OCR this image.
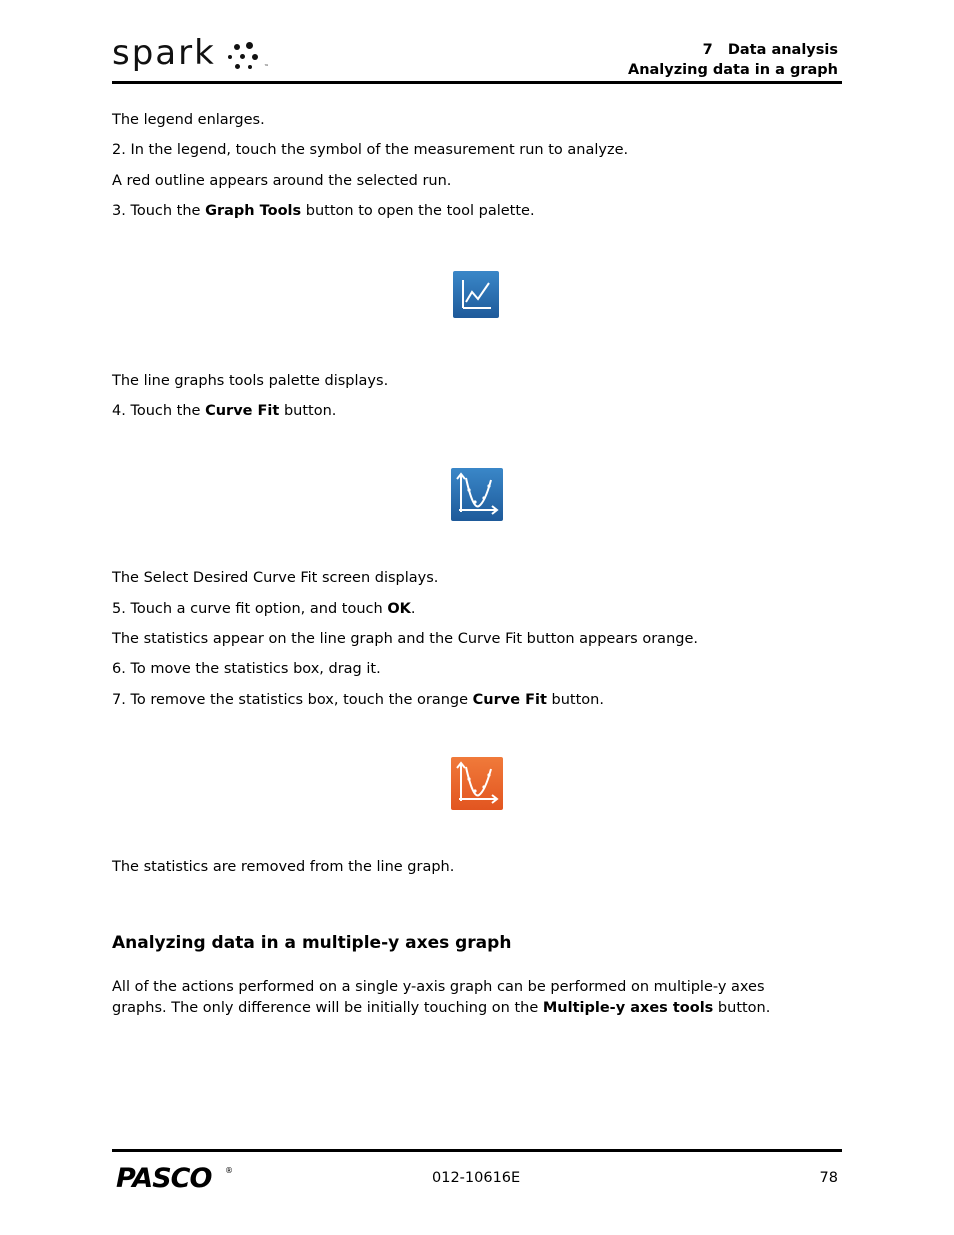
spark	™
7   Data analysis
Analyzing data in a graph
The legend enlarges.
2. In the legend, touch the symbol of the measurement run to analyze.
A red outline appears around the selected run.
3. Touch the Graph Tools button to open the tool palette.
The line graphs tools palette displays.
4. Touch the Curve Fit button.
The Select Desired Curve Fit screen displays.
5. Touch a curve fit option, and touch OK.
The statistics appear on the line graph and the Curve Fit button appears orange.
6. To move the statistics box, drag it.
7. To remove the statistics box, touch the orange Curve Fit button.
The statistics are removed from the line graph.
Analyzing data in a multiple-y axes graph
All of the actions performed on a single y-axis graph can be performed on multiple-y axes
graphs. The only difference will be initially touching on the Multiple-y axes tools button.
PASCO ®	012-10616E	78
